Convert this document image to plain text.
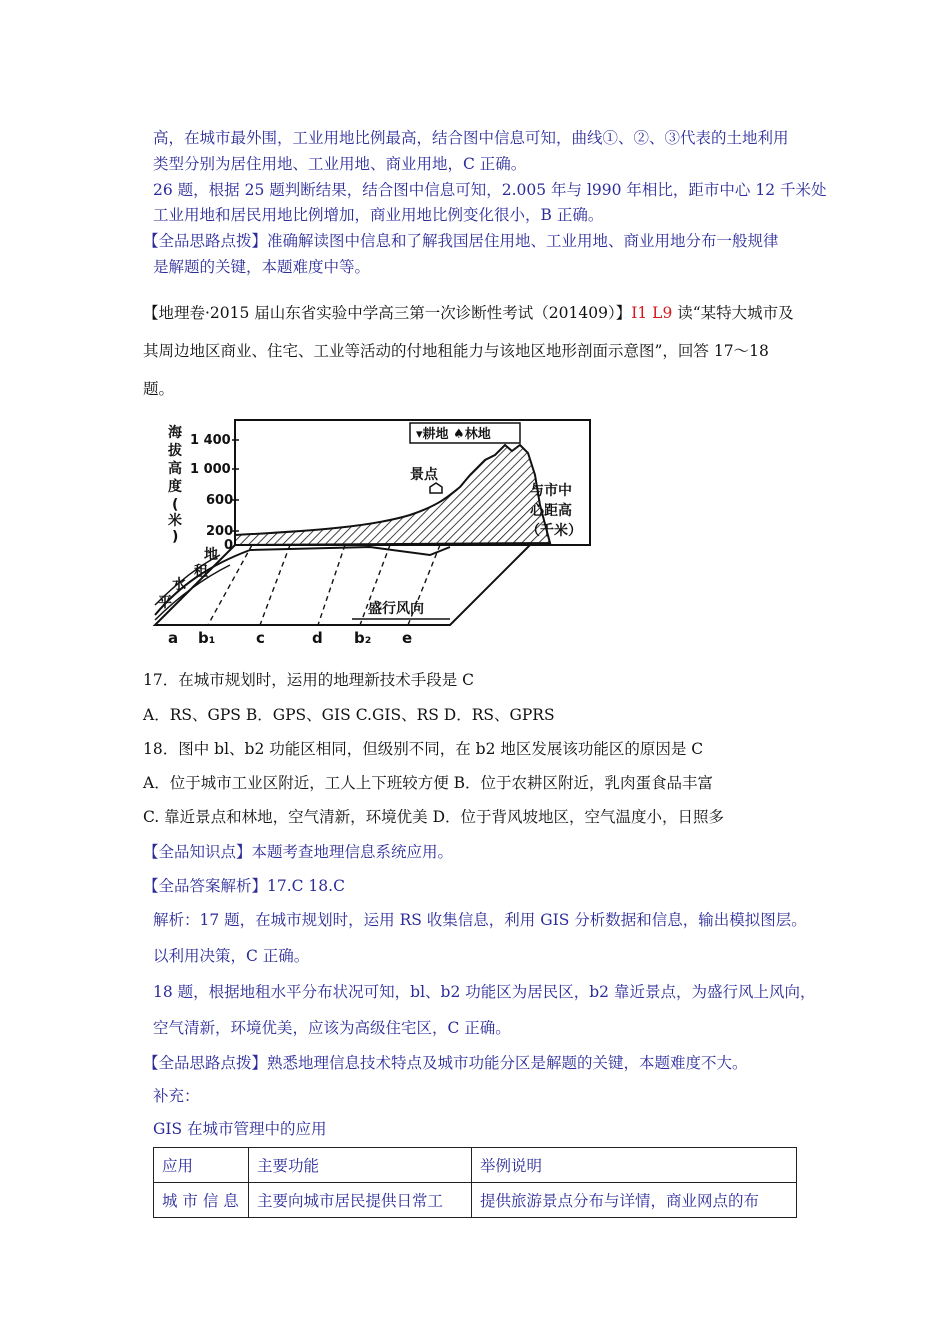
高，在城市最外围，工业用地比例最高，结合图中信息可知，曲线①、②、③代表的土地利用
类型分别为居住用地、工业用地、商业用地，C 正确。
26 题，根据 25 题判断结果，结合图中信息可知，2.005 年与 l990 年相比，距市中心 12 千米处
工业用地和居民用地比例增加，商业用地比例变化很小，B 正确。
【全品思路点拨】准确解读图中信息和了解我国居住用地、工业用地、商业用地分布一般规律
是解题的关键，本题难度中等。
【地理卷·2015 届山东省实验中学高三第一次诊断性考试（201409）】I1 L9 读“某特大城市及
其周边地区商业、住宅、工业等活动的付地租能力与该地区地形剖面示意图”，回答 17～18
题。
1 400
1 000
600
200
0
海
拔
高
度
(
米
)
▾耕地 ♠林地
景点
与市中
心距高
（千米）
地
租
水
平	盛行风向
a b₁	c	d b₂ e
17．在城市规划时，运用的地理新技术手段是 C
A．RS、GPS B．GPS、GIS C.GIS、RS D．RS、GPRS
18．图中 bl、b2 功能区相同，但级别不同，在 b2 地区发展该功能区的原因是 C
A．位于城市工业区附近，工人上下班较方便 B．位于农耕区附近，乳肉蛋食品丰富
C. 靠近景点和林地，空气清新，环境优美 D．位于背风坡地区，空气温度小，日照多
【全品知识点】本题考查地理信息系统应用。
【全品答案解析】17.C 18.C
解析：17 题，在城市规划时，运用 RS 收集信息，利用 GIS 分析数据和信息，输出模拟图层。
以利用决策，C 正确。
18 题，根据地租水平分布状况可知，bl、b2 功能区为居民区，b2 靠近景点，为盛行风上风向，
空气清新，环境优美，应该为高级住宅区，C 正确。
【全品思路点拨】熟悉地理信息技术特点及城市功能分区是解题的关键，本题难度不大。
补充：
GIS 在城市管理中的应用
应用	主要功能	举例说明
城 市 信 息	主要向城市居民提供日常工	提供旅游景点分布与详情，商业网点的布
